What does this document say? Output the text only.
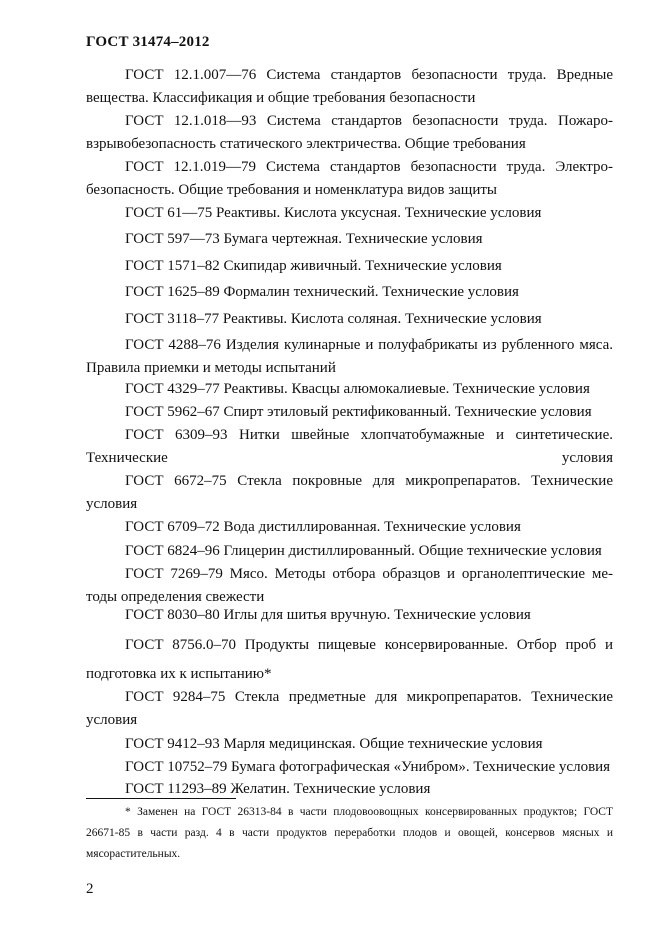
ГОСТ 31474–2012
ГОСТ 12.1.007—76 Система стандартов безопасности труда. Вредные вещества. Классификация и общие требования безопасности
ГОСТ 12.1.018—93 Система стандартов безопасности труда. Пожаровзрывобезопасность статического электричества. Общие требования
ГОСТ 12.1.019—79 Система стандартов безопасности труда. Электробезопасность. Общие требования и номенклатура видов защиты
ГОСТ 61—75 Реактивы. Кислота уксусная. Технические условия
ГОСТ 597—73 Бумага чертежная. Технические условия
ГОСТ 1571–82 Скипидар живичный. Технические условия
ГОСТ 1625–89 Формалин технический. Технические условия
ГОСТ 3118–77 Реактивы. Кислота соляная. Технические условия
ГОСТ 4288–76 Изделия кулинарные и полуфабрикаты из рубленного мяса. Правила приемки и методы испытаний
ГОСТ 4329–77 Реактивы. Квасцы алюмокалиевые. Технические условия
ГОСТ 5962–67 Спирт этиловый ректификованный. Технические условия
ГОСТ 6309–93 Нитки швейные хлопчатобумажные и синтетические. Технические условия
ГОСТ 6672–75 Стекла покровные для микропрепаратов. Технические условия
ГОСТ 6709–72 Вода дистиллированная. Технические условия
ГОСТ 6824–96 Глицерин дистиллированный. Общие технические условия
ГОСТ 7269–79 Мясо. Методы отбора образцов и органолептические методы определения свежести
ГОСТ 8030–80 Иглы для шитья вручную. Технические условия
ГОСТ 8756.0–70 Продукты пищевые консервированные. Отбор проб и подготовка их к испытанию*
ГОСТ 9284–75 Стекла предметные для микропрепаратов. Технические условия
ГОСТ 9412–93 Марля медицинская. Общие технические условия
ГОСТ 10752–79 Бумага фотографическая «Унибром». Технические условия
ГОСТ 11293–89 Желатин. Технические условия
* Заменен на ГОСТ 26313-84 в части плодовоовощных консервированных продуктов; ГОСТ 26671-85 в части разд. 4 в части продуктов переработки плодов и овощей, консервов мясных и мясорастительных.
2
